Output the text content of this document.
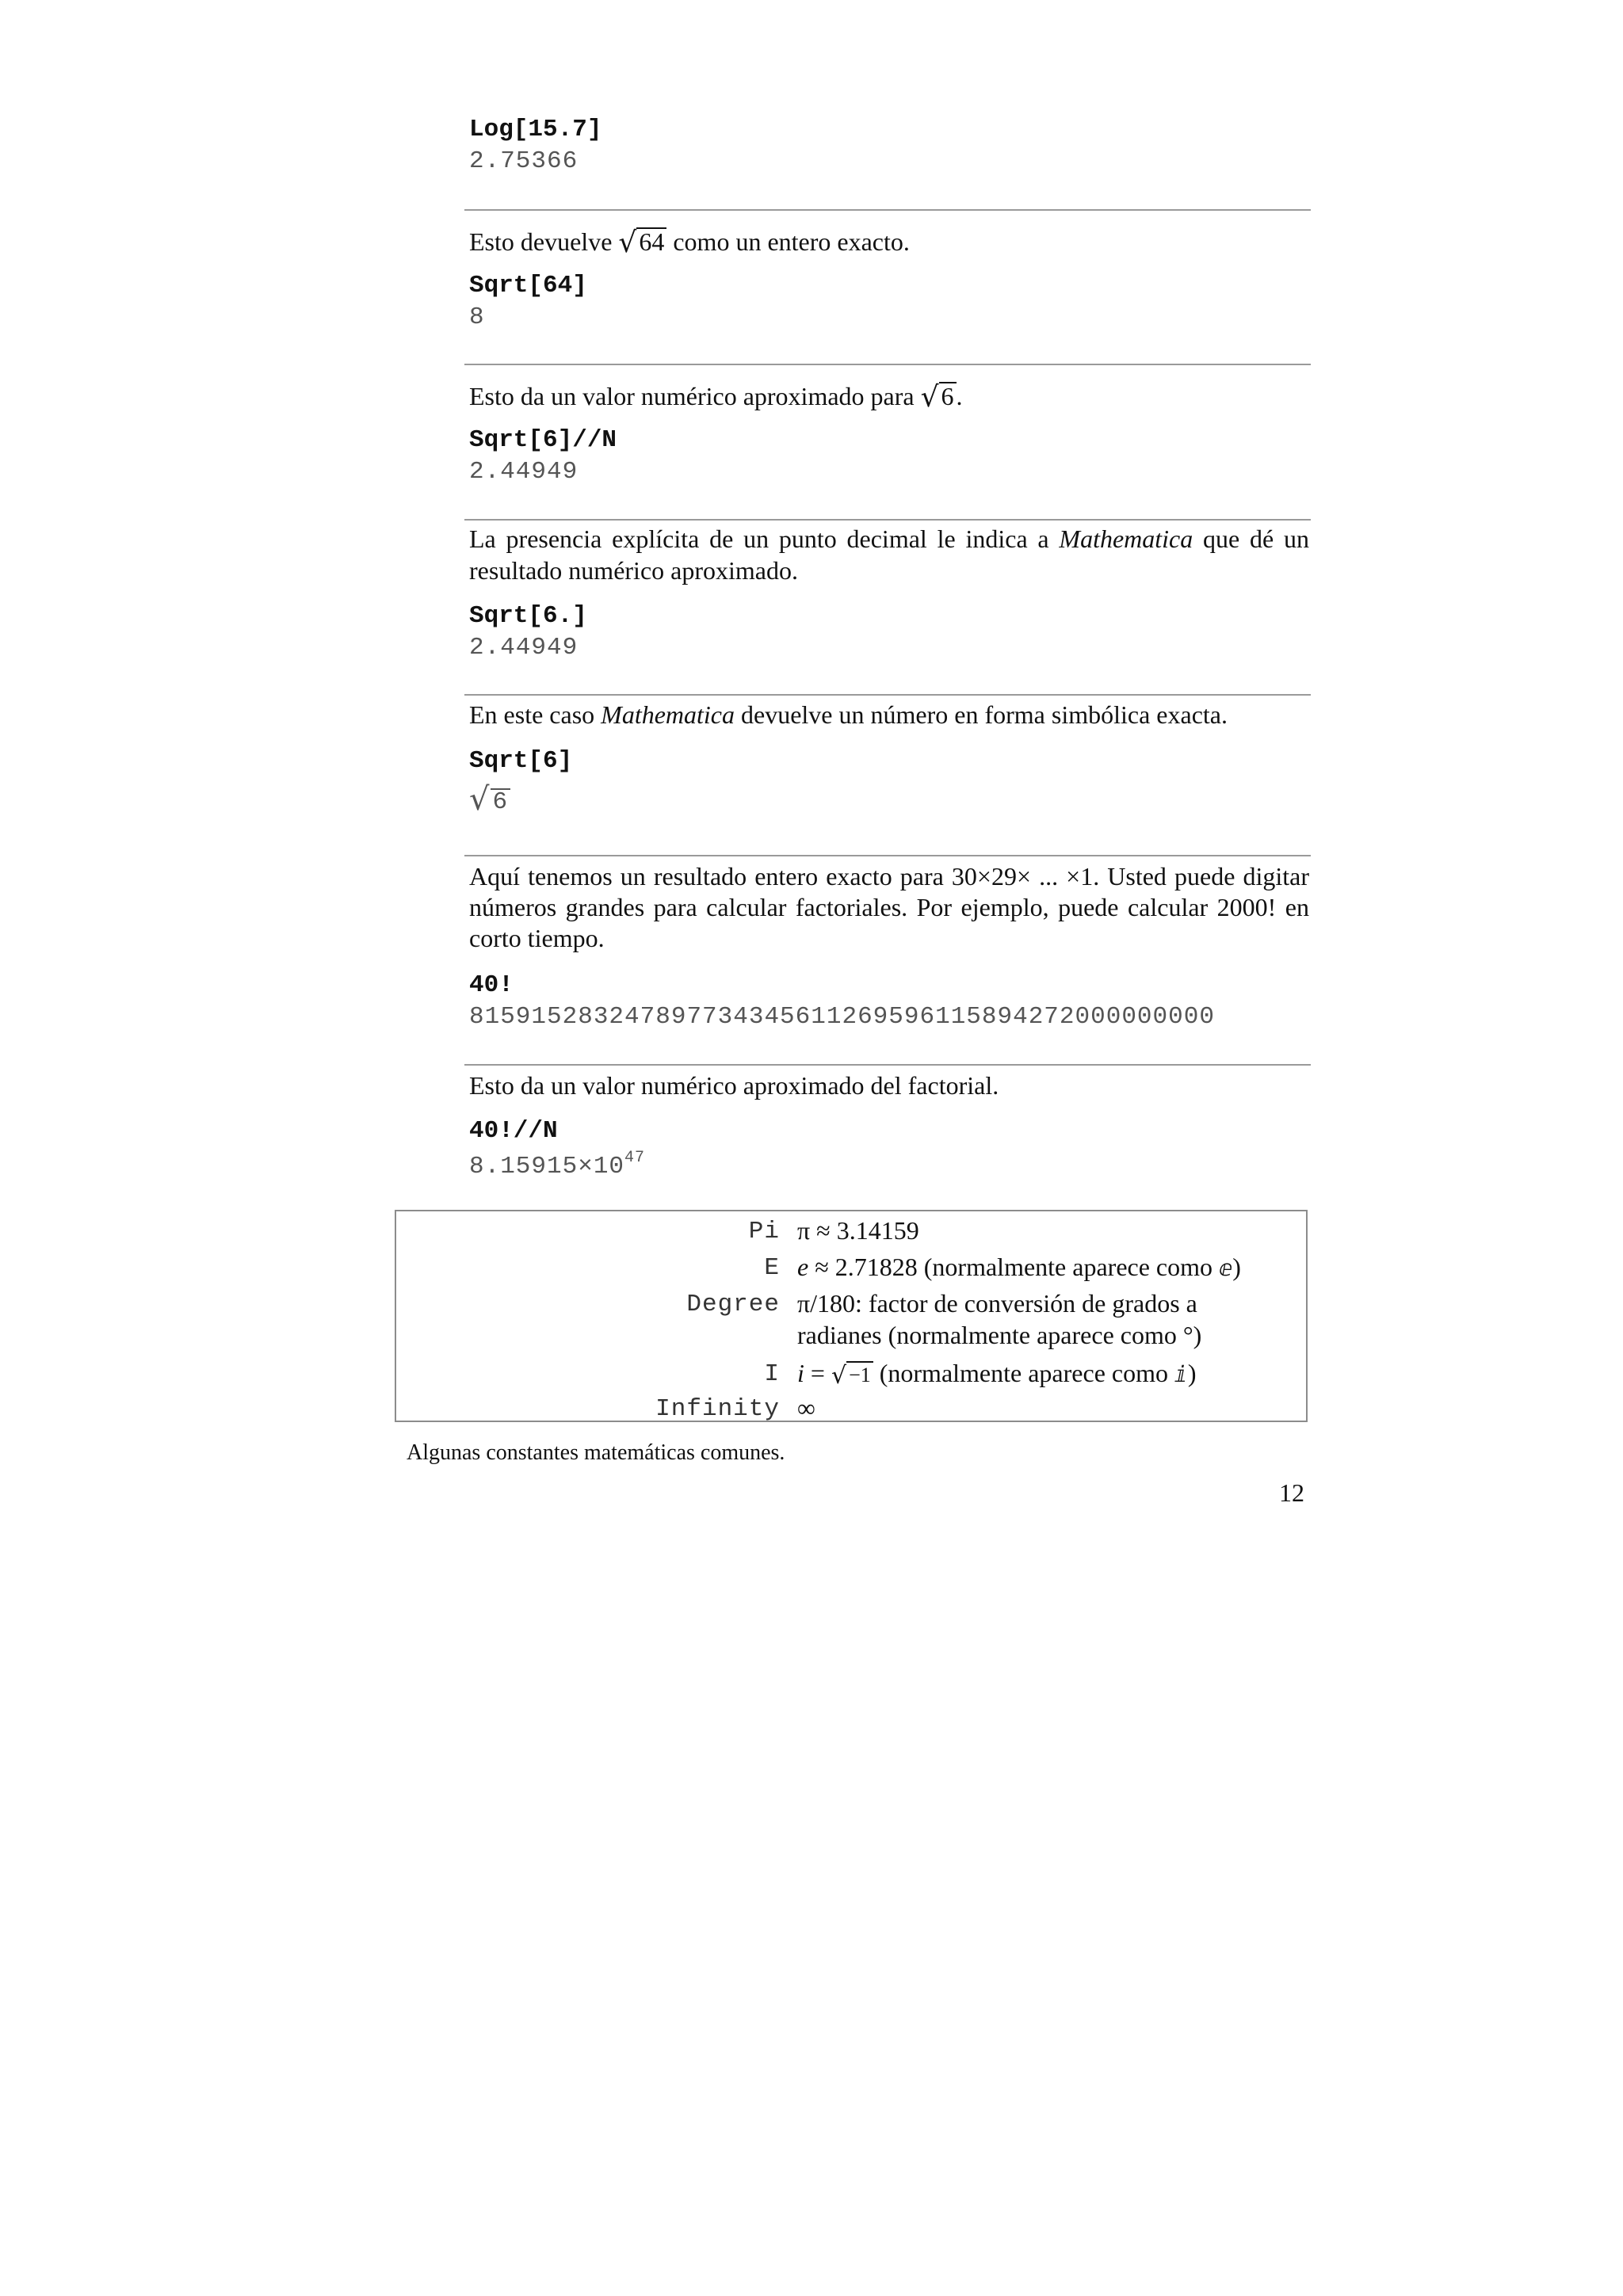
Log[15.7]
2.75366
Esto devuelve √64 como un entero exacto.
Sqrt[64]
8
Esto da un valor numérico aproximado para √6.
Sqrt[6]//N
2.44949
La presencia explícita de un punto decimal le indica a Mathematica que dé un resultado numérico aproximado.
Sqrt[6.]
2.44949
En este caso Mathematica devuelve un número en forma simbólica exacta.
Sqrt[6]
√6
Aquí tenemos un resultado entero exacto para 30×29× ... ×1. Usted puede digitar números grandes para calcular factoriales. Por ejemplo, puede calcular 2000! en corto tiempo.
40!
815915283247897734345611269596115894272000000000
Esto da un valor numérico aproximado del factorial.
40!//N
$8.15915\times 10^{47}$
Pi π ≈ 3.14159
E e ≈ 2.71828 (normalmente aparece como ⅇ)
Degree π/180: factor de conversión de grados a radianes (normalmente aparece como °)
I i = √ −1 (normalmente aparece como ⅈ)
Infinity ∞
Algunas constantes matemáticas comunes.
12
